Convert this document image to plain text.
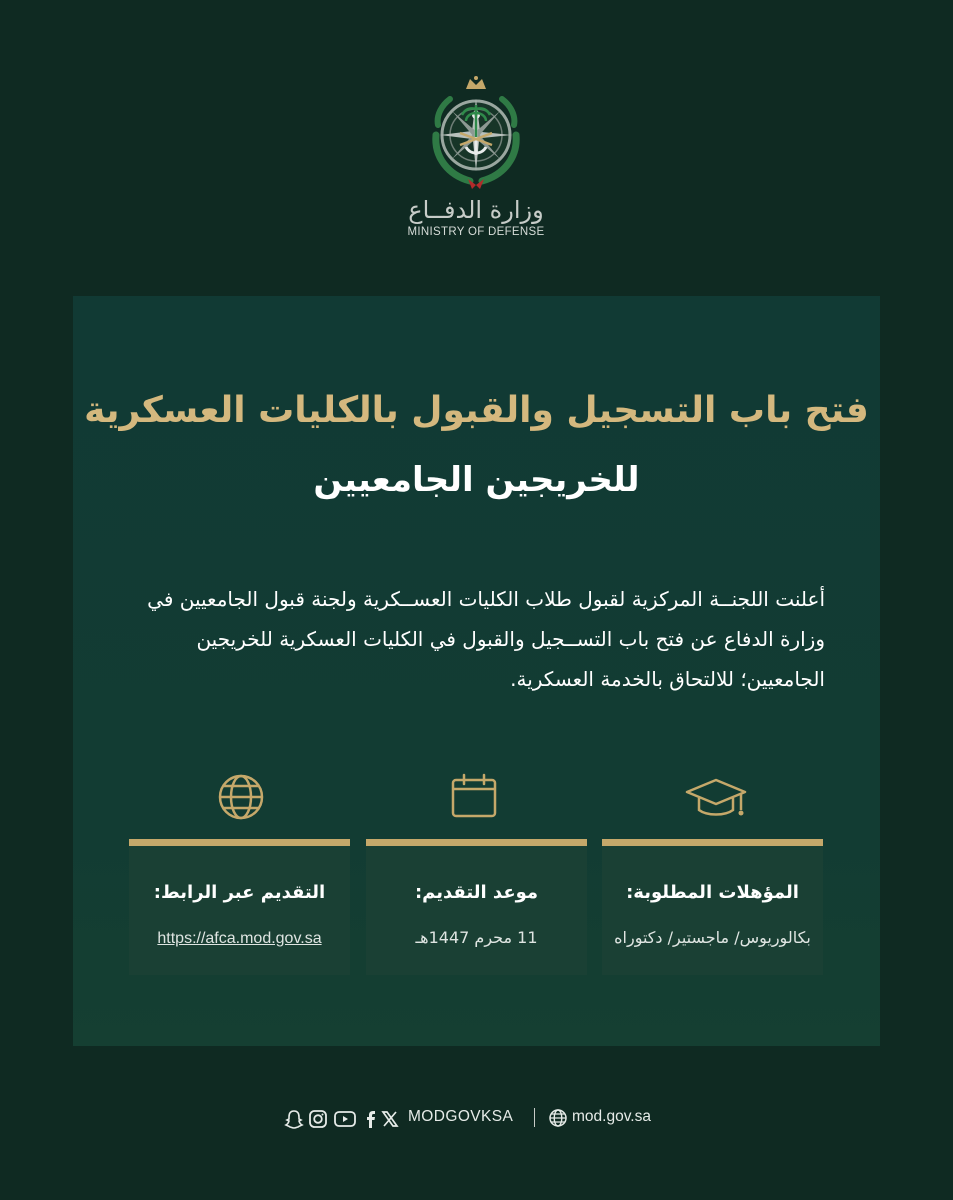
وزارة الدفــاع
MINISTRY OF DEFENSE
فتح باب التسجيل والقبول بالكليات العسكرية
للخريجين الجامعيين
أعلنت اللجنــة المركزية لقبول طلاب الكليات العســكرية ولجنة قبول الجامعيين في وزارة الدفاع عن فتح باب التســجيل والقبول في الكليات العسكرية للخريجين الجامعيين؛ للالتحاق بالخدمة العسكرية.
المؤهلات المطلوبة:
بكالوريوس/ ماجستير/ دكتوراه
موعد التقديم:
11 محرم 1447هـ
التقديم عبر الرابط:
https://afca.mod.gov.sa
MODGOVKSA	mod.gov.sa
